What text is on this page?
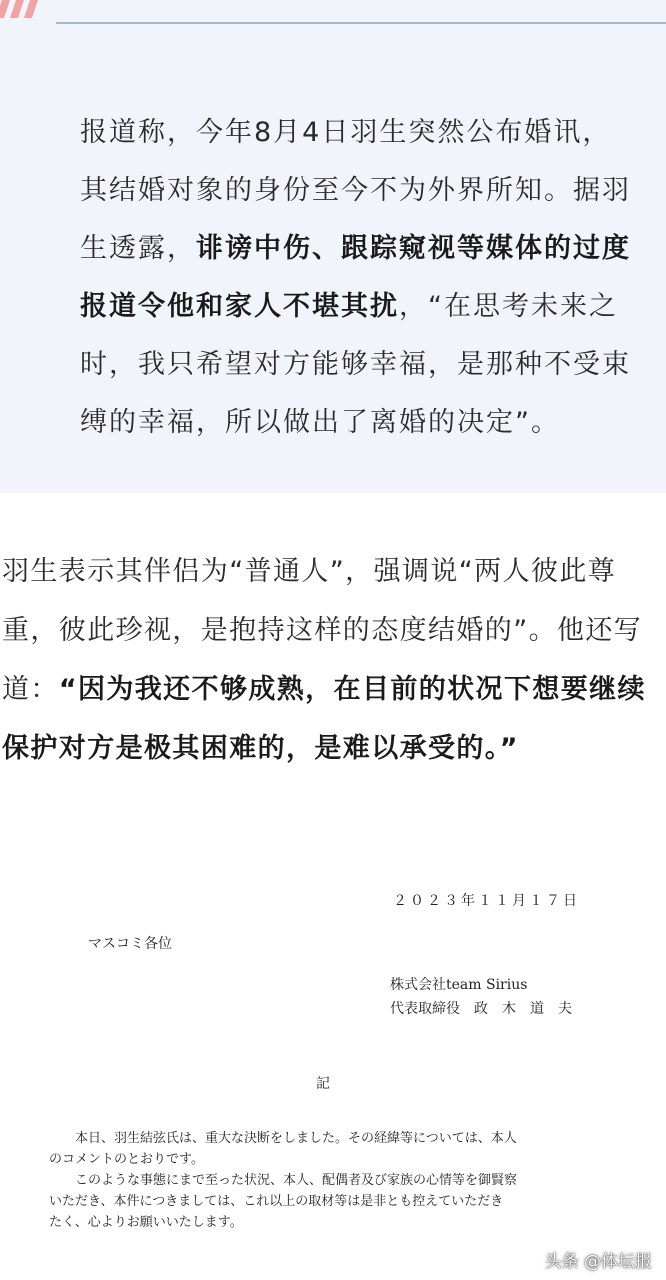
报道称，今年8月4日羽生突然公布婚讯，
其结婚对象的身份至今不为外界所知。据羽
生透露，诽谤中伤、跟踪窥视等媒体的过度
报道令他和家人不堪其扰，“在思考未来之
时，我只希望对方能够幸福，是那种不受束
缚的幸福，所以做出了离婚的决定”。

羽生表示其伴侣为“普通人”，强调说“两人彼此尊
重，彼此珍视，是抱持这样的态度结婚的”。他还写
道：“因为我还不够成熟，在目前的状况下想要继续
保护对方是极其困难的，是难以承受的。”

２０２３年１１月１７日
マスコミ各位
株式会社team Sirius
代表取締役　政　木　道　夫
記

本日、羽生結弦氏は、重大な決断をしました。その経緯等については、本人
のコメントのとおりです。

このような事態にまで至った状況、本人、配偶者及び家族の心情等を御賢察
いただき、本件につきましては、これ以上の取材等は是非とも控えていただき
たく、心よりお願いいたします。

头条 @体坛报
